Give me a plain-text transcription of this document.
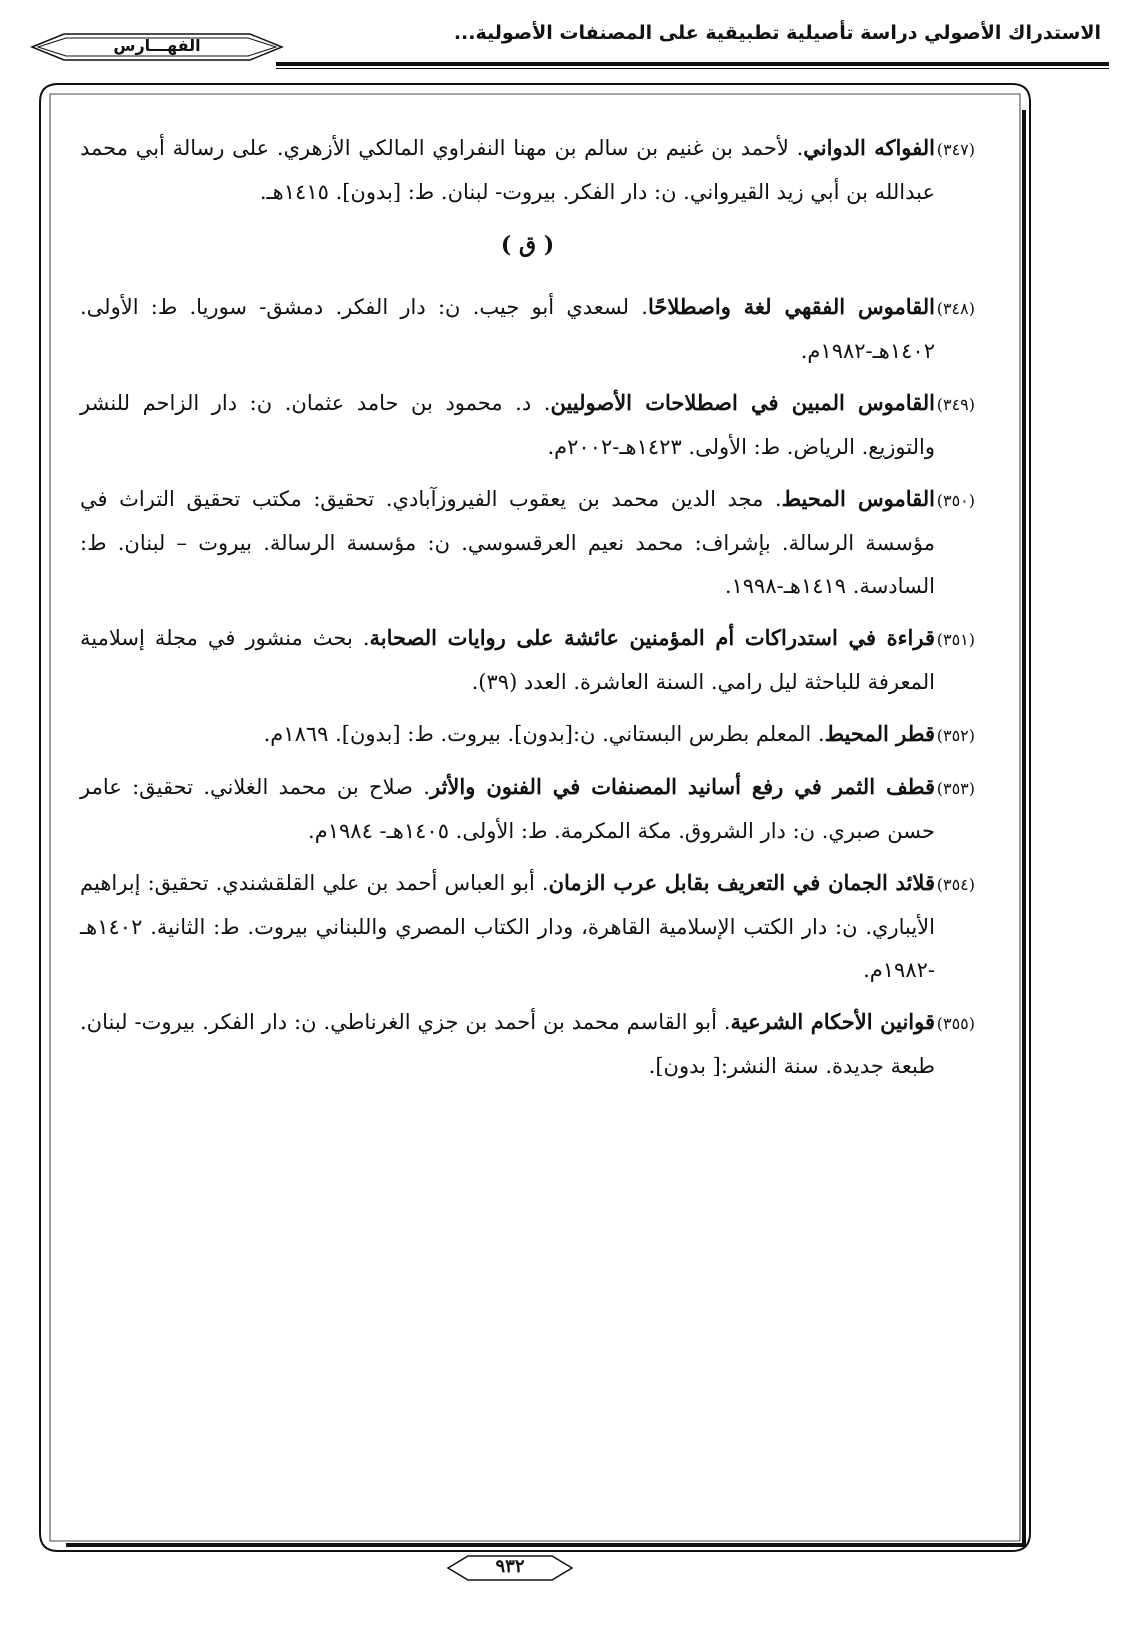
الاستدراك الأصولي دراسة تأصيلية تطبيقية على المصنفات الأصولية...
الفهـــارس

(٣٤٧)الفواكه الدواني. لأحمد بن غنيم بن سالم بن مهنا النفراوي المالكي الأزهري. على رسالة أبي محمد عبدالله بن أبي زيد القيرواني. ن: دار الفكر. بيروت- لبنان. ط: [بدون]. ١٤١٥هـ.

( ق )

(٣٤٨)القاموس الفقهي لغة واصطلاحًا. لسعدي أبو جيب. ن: دار الفكر. دمشق- سوريا. ط: الأولى. ١٤٠٢هـ-١٩٨٢م.

(٣٤٩)القاموس المبين في اصطلاحات الأصوليين. د. محمود بن حامد عثمان. ن: دار الزاحم للنشر والتوزيع. الرياض. ط: الأولى. ١٤٢٣هـ-٢٠٠٢م.

(٣٥٠)القاموس المحيط. مجد الدين محمد بن يعقوب الفيروزآبادي. تحقيق: مكتب تحقيق التراث في مؤسسة الرسالة. بإشراف: محمد نعيم العرقسوسي. ن: مؤسسة الرسالة. بيروت – لبنان. ط: السادسة. ١٤١٩هـ-١٩٩٨.

(٣٥١)قراءة في استدراكات أم المؤمنين عائشة على روايات الصحابة. بحث منشور في مجلة إسلامية المعرفة للباحثة ليل رامي. السنة العاشرة. العدد (٣٩).

(٣٥٢)قطر المحيط. المعلم بطرس البستاني. ن:[بدون]. بيروت. ط: [بدون]. ١٨٦٩م.

(٣٥٣)قطف الثمر في رفع أسانيد المصنفات في الفنون والأثر. صلاح بن محمد الغلاني. تحقيق: عامر حسن صبري. ن: دار الشروق. مكة المكرمة. ط: الأولى. ١٤٠٥هـ- ١٩٨٤م.

(٣٥٤)قلائد الجمان في التعريف بقابل عرب الزمان. أبو العباس أحمد بن علي القلقشندي. تحقيق: إبراهيم الأيباري. ن: دار الكتب الإسلامية القاهرة، ودار الكتاب المصري واللبناني بيروت. ط: الثانية. ١٤٠٢هـ -١٩٨٢م.

(٣٥٥)قوانين الأحكام الشرعية. أبو القاسم محمد بن أحمد بن جزي الغرناطي. ن: دار الفكر. بيروت- لبنان. طبعة جديدة. سنة النشر:[ بدون].

٩٣٢
